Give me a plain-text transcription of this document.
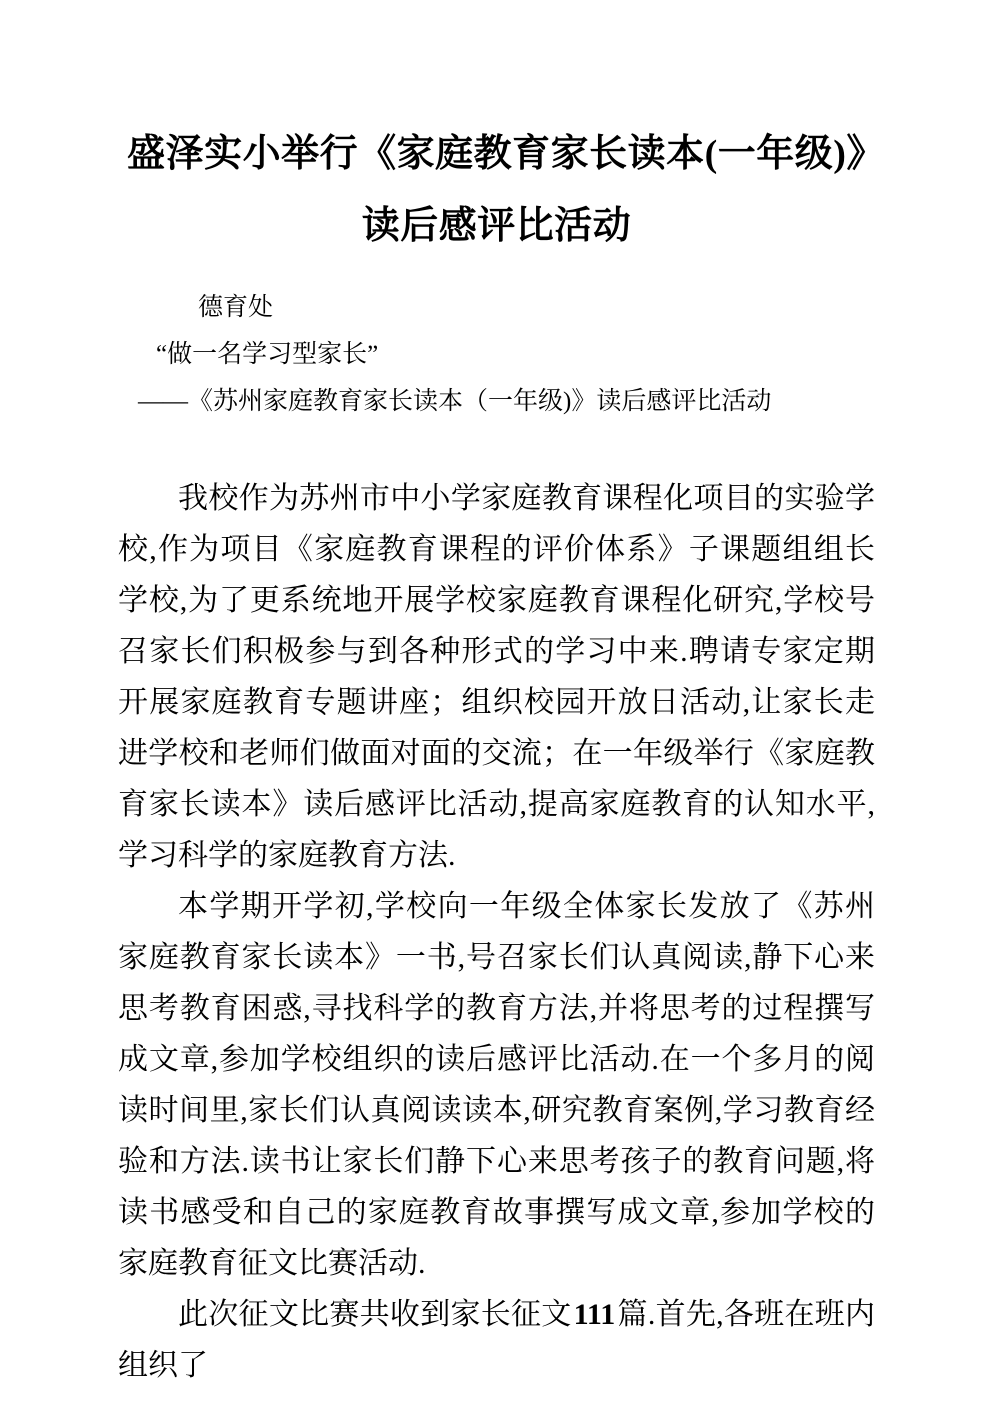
盛泽实小举行《家庭教育家长读本(一年级)》读后感评比活动
德育处
“做一名学习型家长”
——《苏州家庭教育家长读本（一年级)》读后感评比活动

我校作为苏州市中小学家庭教育课程化项目的实验学校,作为项目《家庭教育课程的评价体系》子课题组组长学校,为了更系统地开展学校家庭教育课程化研究,学校号召家长们积极参与到各种形式的学习中来.聘请专家定期开展家庭教育专题讲座；组织校园开放日活动,让家长走进学校和老师们做面对面的交流；在一年级举行《家庭教育家长读本》读后感评比活动,提高家庭教育的认知水平,学习科学的家庭教育方法.

本学期开学初,学校向一年级全体家长发放了《苏州家庭教育家长读本》一书,号召家长们认真阅读,静下心来思考教育困惑,寻找科学的教育方法,并将思考的过程撰写成文章,参加学校组织的读后感评比活动.在一个多月的阅读时间里,家长们认真阅读读本,研究教育案例,学习教育经验和方法.读书让家长们静下心来思考孩子的教育问题,将读书感受和自己的家庭教育故事撰写成文章,参加学校的家庭教育征文比赛活动.

此次征文比赛共收到家长征文111篇.首先,各班在班内组织了
